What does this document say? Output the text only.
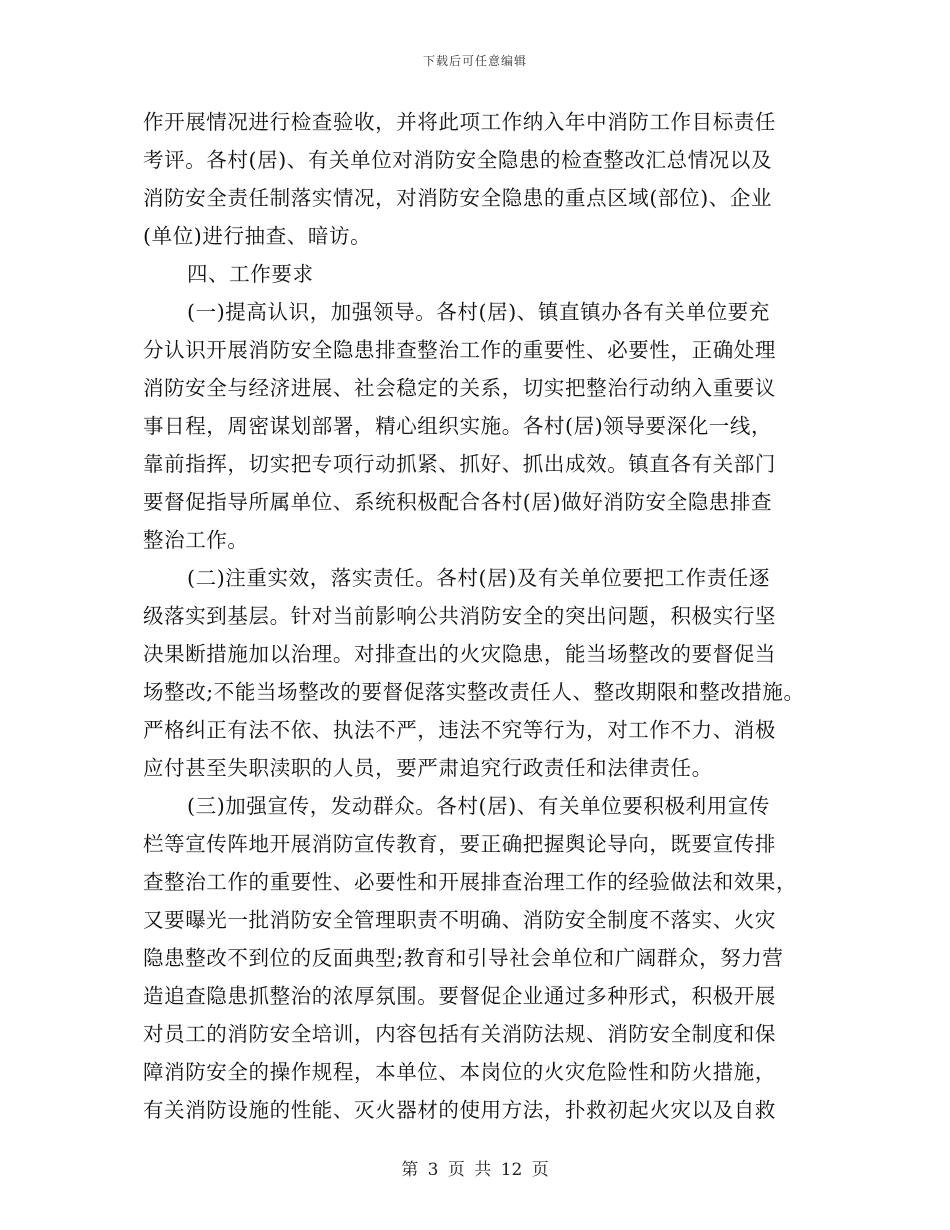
下载后可任意编辑
作开展情况进行检查验收，并将此项工作纳入年中消防工作目标责任
考评。各村(居)、有关单位对消防安全隐患的检查整改汇总情况以及
消防安全责任制落实情况，对消防安全隐患的重点区域(部位)、企业
(单位)进行抽查、暗访。
四、工作要求
(一)提高认识，加强领导。各村(居)、镇直镇办各有关单位要充
分认识开展消防安全隐患排查整治工作的重要性、必要性，正确处理
消防安全与经济进展、社会稳定的关系，切实把整治行动纳入重要议
事日程，周密谋划部署，精心组织实施。各村(居)领导要深化一线，
靠前指挥，切实把专项行动抓紧、抓好、抓出成效。镇直各有关部门
要督促指导所属单位、系统积极配合各村(居)做好消防安全隐患排查
整治工作。
(二)注重实效，落实责任。各村(居)及有关单位要把工作责任逐
级落实到基层。针对当前影响公共消防安全的突出问题，积极实行坚
决果断措施加以治理。对排查出的火灾隐患，能当场整改的要督促当
场整改;不能当场整改的要督促落实整改责任人、整改期限和整改措施。
严格纠正有法不依、执法不严，违法不究等行为，对工作不力、消极
应付甚至失职渎职的人员，要严肃追究行政责任和法律责任。
(三)加强宣传，发动群众。各村(居)、有关单位要积极利用宣传
栏等宣传阵地开展消防宣传教育，要正确把握舆论导向，既要宣传排
查整治工作的重要性、必要性和开展排查治理工作的经验做法和效果，
又要曝光一批消防安全管理职责不明确、消防安全制度不落实、火灾
隐患整改不到位的反面典型;教育和引导社会单位和广阔群众，努力营
造追查隐患抓整治的浓厚氛围。要督促企业通过多种形式，积极开展
对员工的消防安全培训，内容包括有关消防法规、消防安全制度和保
障消防安全的操作规程，本单位、本岗位的火灾危险性和防火措施，
有关消防设施的性能、灭火器材的使用方法，扑救初起火灾以及自救
第 3 页 共 12 页
